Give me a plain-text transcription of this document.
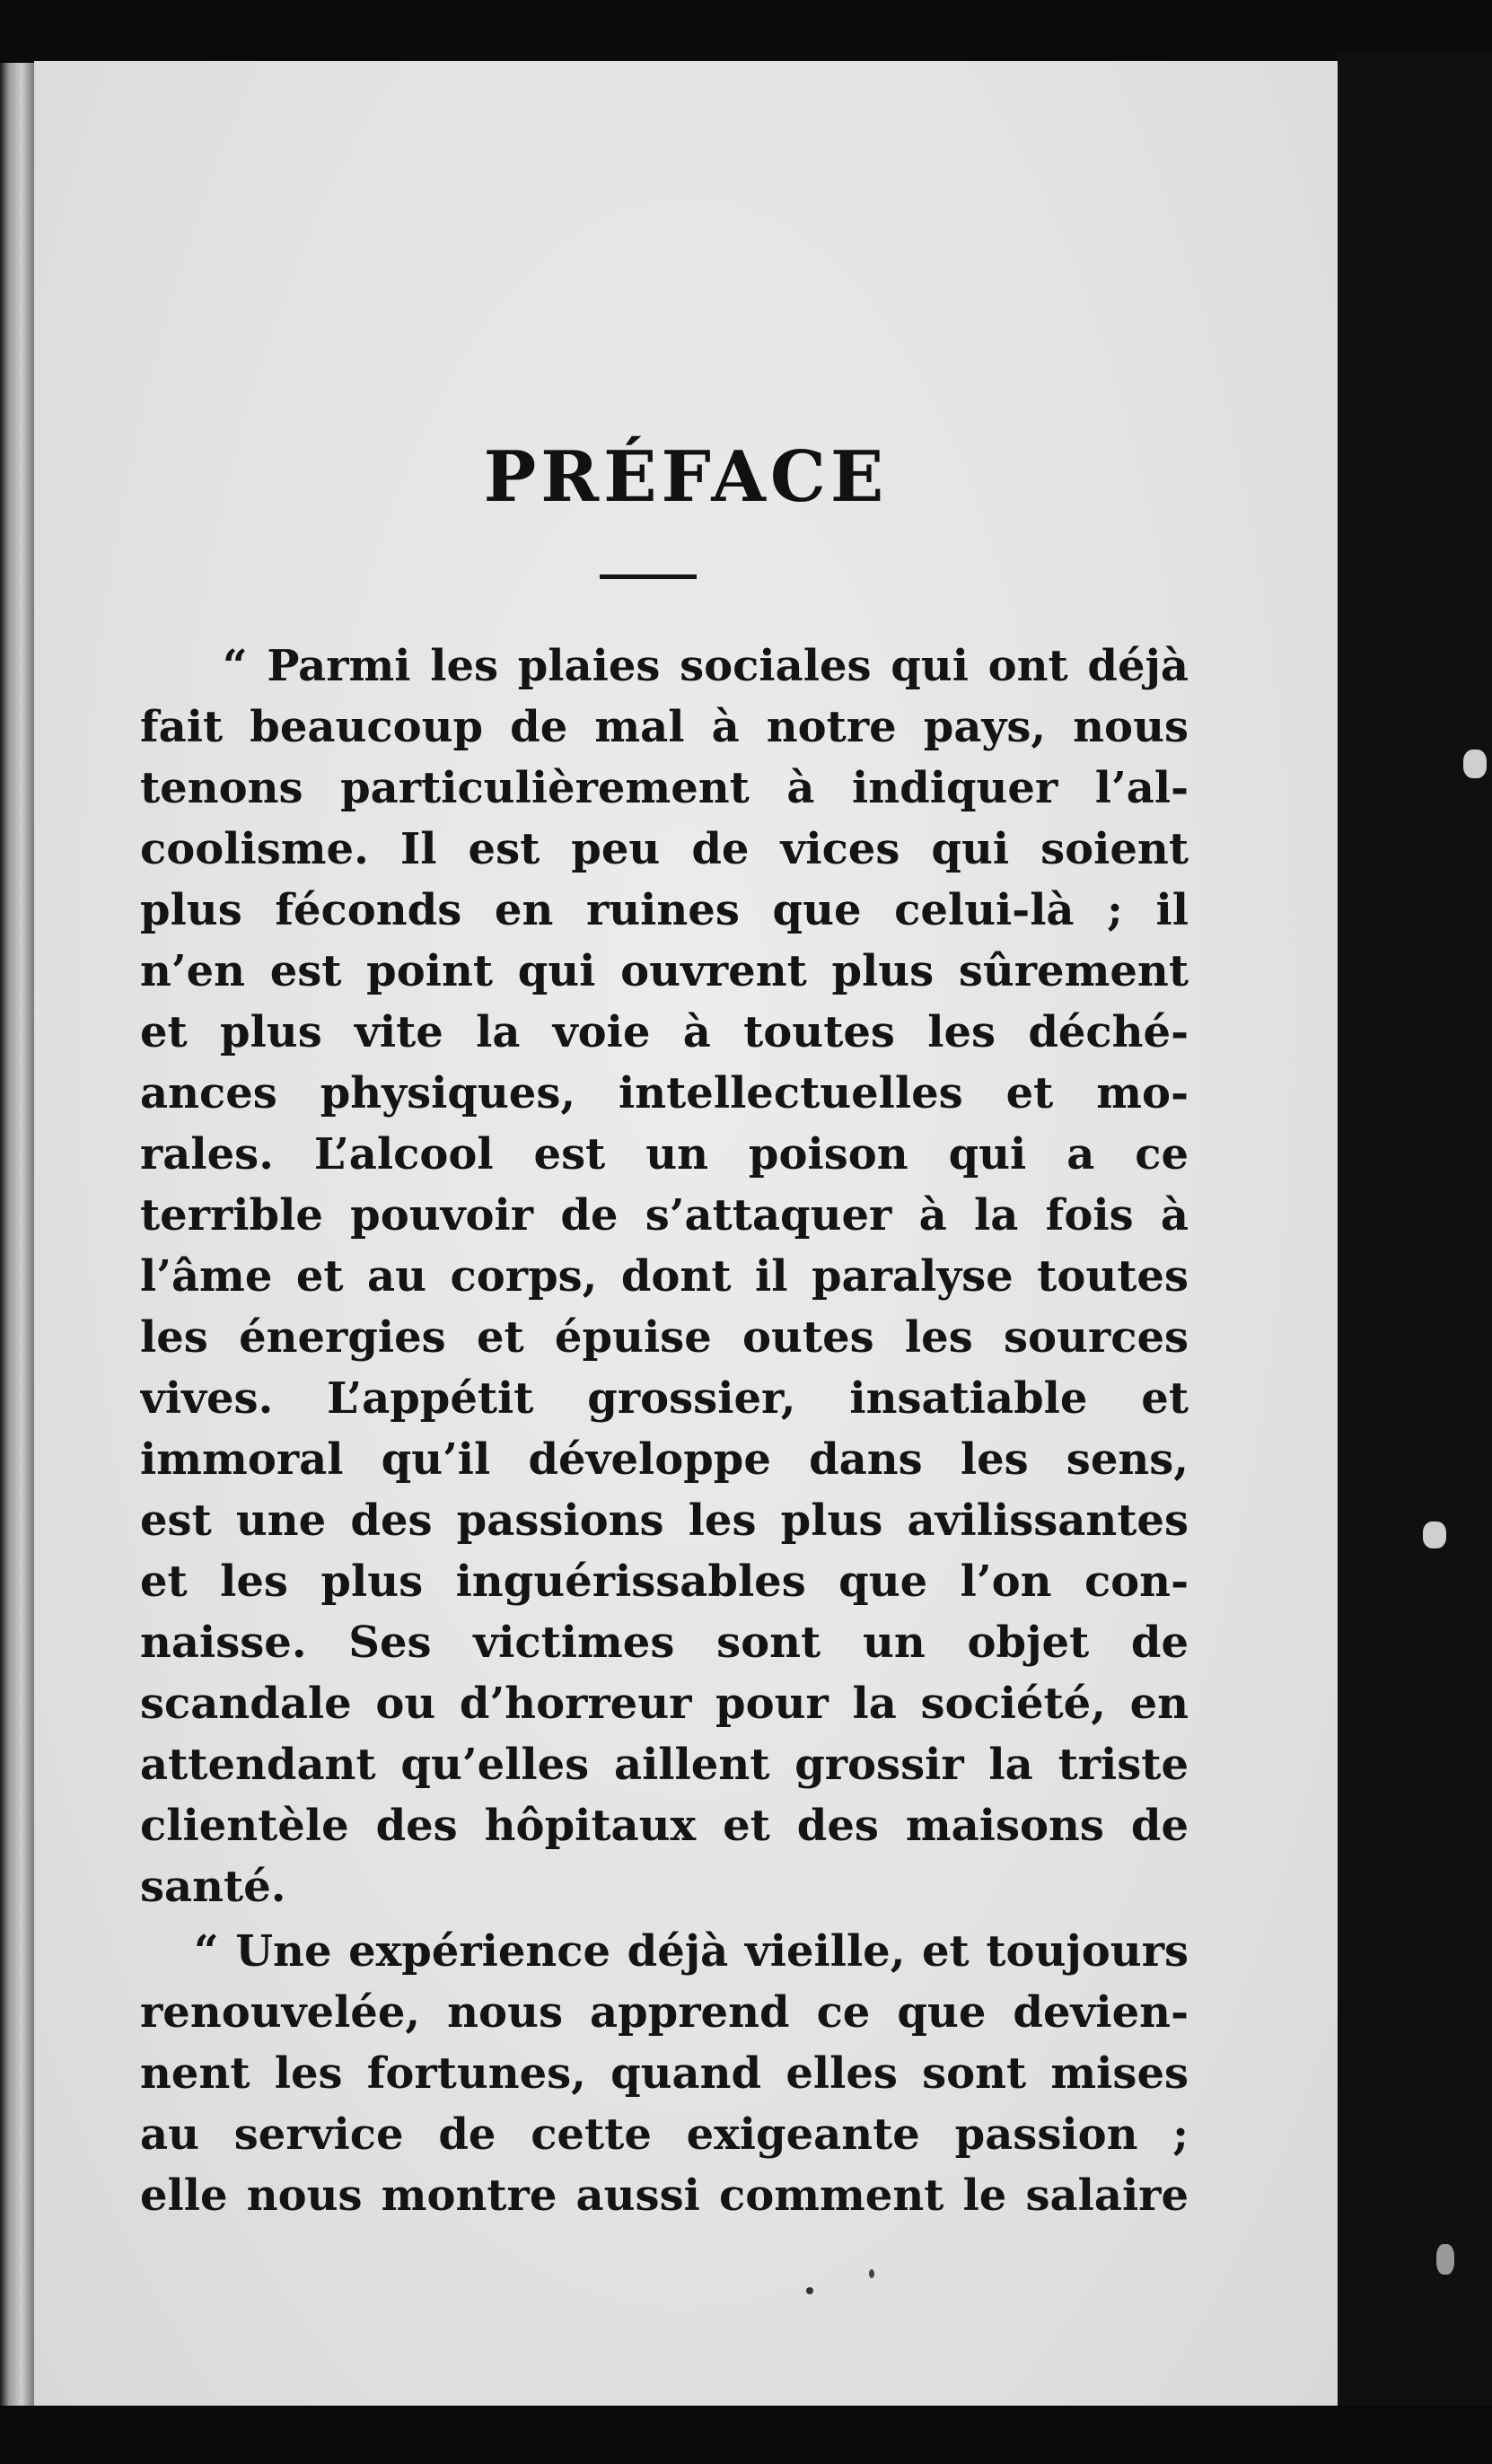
PRÉFACE
“ Parmi les plaies sociales qui ont déjà
fait beaucoup de mal à notre pays, nous
tenons particulièrement à indiquer l’al-
coolisme. Il est peu de vices qui soient
plus féconds en ruines que celui-là ; il
n’en est point qui ouvrent plus sûrement
et plus vite la voie à toutes les déché-
ances physiques, intellectuelles et mo-
rales. L’alcool est un poison qui a ce
terrible pouvoir de s’attaquer à la fois à
l’âme et au corps, dont il paralyse toutes
les énergies et épuise outes les sources
vives. L’appétit grossier, insatiable et
immoral qu’il développe dans les sens,
est une des passions les plus avilissantes
et les plus inguérissables que l’on con-
naisse. Ses victimes sont un objet de
scandale ou d’horreur pour la société, en
attendant qu’elles aillent grossir la triste
clientèle des hôpitaux et des maisons de
santé.
“ Une expérience déjà vieille, et toujours
renouvelée, nous apprend ce que devien-
nent les fortunes, quand elles sont mises
au service de cette exigeante passion ;
elle nous montre aussi comment le salaire
